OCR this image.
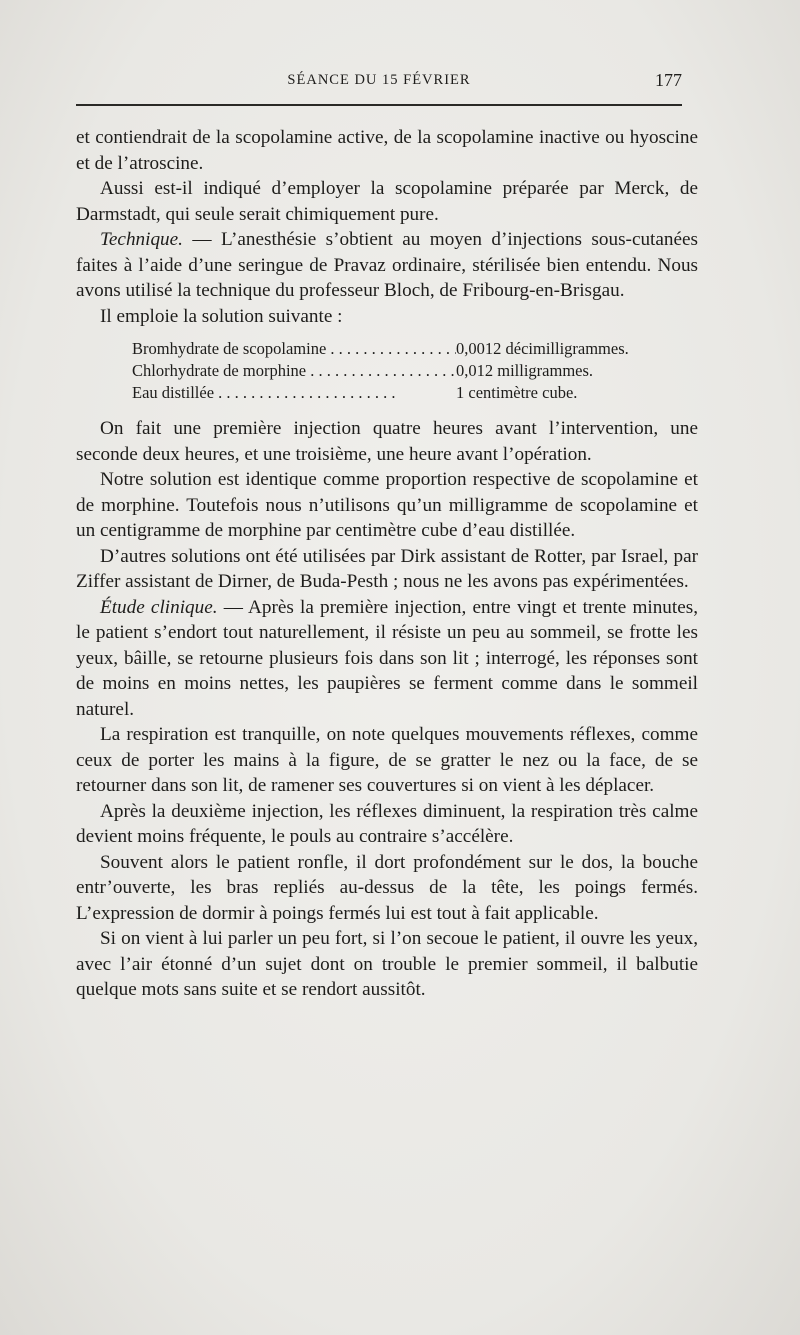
SÉANCE DU 15 FÉVRIER	177

et contiendrait de la scopolamine active, de la scopolamine inactive ou hyoscine et de l’atroscine.

Aussi est-il indiqué d’employer la scopolamine préparée par Merck, de Darmstadt, qui seule serait chimiquement pure.

Technique. — L’anesthésie s’obtient au moyen d’injections sous-cutanées faites à l’aide d’une seringue de Pravaz ordinaire, stérilisée bien entendu. Nous avons utilisé la technique du professeur Bloch, de Fribourg-en-Brisgau.

Il emploie la solution suivante :

Bromhydrate de scopolamine . . .	0,0012 décimilligrammes.
Chlorhydrate de morphine . . .	0,012 milligrammes.
Eau distillée . . .	1 centimètre cube.

On fait une première injection quatre heures avant l’intervention, une seconde deux heures, et une troisième, une heure avant l’opération.

Notre solution est identique comme proportion respective de scopolamine et de morphine. Toutefois nous n’utilisons qu’un milligramme de scopolamine et un centigramme de morphine par centimètre cube d’eau distillée.

D’autres solutions ont été utilisées par Dirk assistant de Rotter, par Israel, par Ziffer assistant de Dirner, de Buda-Pesth ; nous ne les avons pas expérimentées.

Étude clinique. — Après la première injection, entre vingt et trente minutes, le patient s’endort tout naturellement, il résiste un peu au sommeil, se frotte les yeux, bâille, se retourne plusieurs fois dans son lit ; interrogé, les réponses sont de moins en moins nettes, les paupières se ferment comme dans le sommeil naturel.

La respiration est tranquille, on note quelques mouvements réflexes, comme ceux de porter les mains à la figure, de se gratter le nez ou la face, de se retourner dans son lit, de ramener ses couvertures si on vient à les déplacer.

Après la deuxième injection, les réflexes diminuent, la respiration très calme devient moins fréquente, le pouls au contraire s’accélère.

Souvent alors le patient ronfle, il dort profondément sur le dos, la bouche entr’ouverte, les bras repliés au-dessus de la tête, les poings fermés. L’expression de dormir à poings fermés lui est tout à fait applicable.

Si on vient à lui parler un peu fort, si l’on secoue le patient, il ouvre les yeux, avec l’air étonné d’un sujet dont on trouble le premier sommeil, il balbutie quelque mots sans suite et se rendort aussitôt.
